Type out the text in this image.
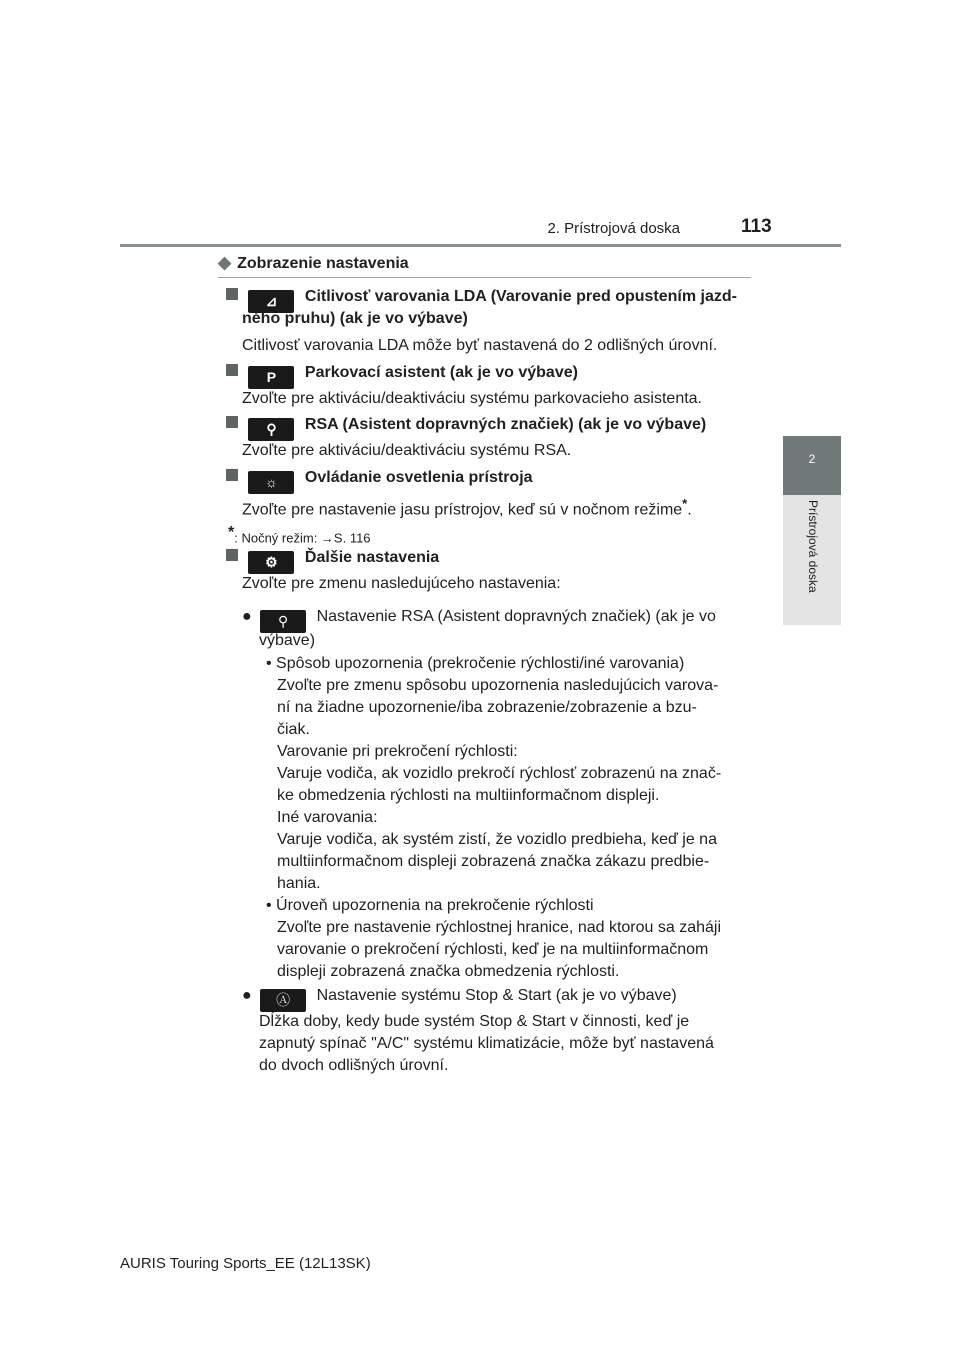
2. Prístrojová doska	113
2
Prístrojová doska
◆ Zobrazenie nastavenia
⊿ Citlivosť varovania LDA (Varovanie pred opustením jazd-
ného pruhu) (ak je vo výbave)
Citlivosť varovania LDA môže byť nastavená do 2 odlišných úrovní.
P Parkovací asistent (ak je vo výbave)
Zvoľte pre aktiváciu/deaktiváciu systému parkovacieho asistenta.
⚲ RSA (Asistent dopravných značiek) (ak je vo výbave)
Zvoľte pre aktiváciu/deaktiváciu systému RSA.
☼ Ovládanie osvetlenia prístroja
Zvoľte pre nastavenie jasu prístrojov, keď sú v nočnom režime*.
*: Nočný režim: →S. 116
⚙ Ďalšie nastavenia
Zvoľte pre zmenu nasledujúceho nastavenia:
● ⚲ Nastavenie RSA (Asistent dopravných značiek) (ak je vo
výbave)
• Spôsob upozornenia (prekročenie rýchlosti/iné varovania)
Zvoľte pre zmenu spôsobu upozornenia nasledujúcich varova-
ní na žiadne upozornenie/iba zobrazenie/zobrazenie a bzu-
čiak.
Varovanie pri prekročení rýchlosti:
Varuje vodiča, ak vozidlo prekročí rýchlosť zobrazenú na znač-
ke obmedzenia rýchlosti na multiinformačnom displeji.
Iné varovania:
Varuje vodiča, ak systém zistí, že vozidlo predbieha, keď je na
multiinformačnom displeji zobrazená značka zákazu predbie-
hania.
• Úroveň upozornenia na prekročenie rýchlosti
Zvoľte pre nastavenie rýchlostnej hranice, nad ktorou sa zaháji
varovanie o prekročení rýchlosti, keď je na multiinformačnom
displeji zobrazená značka obmedzenia rýchlosti.
● Ⓐ Nastavenie systému Stop & Start (ak je vo výbave)
Dĺžka doby, kedy bude systém Stop & Start v činnosti, keď je
zapnutý spínač "A/C" systému klimatizácie, môže byť nastavená
do dvoch odlišných úrovní.
AURIS Touring Sports_EE (12L13SK)
